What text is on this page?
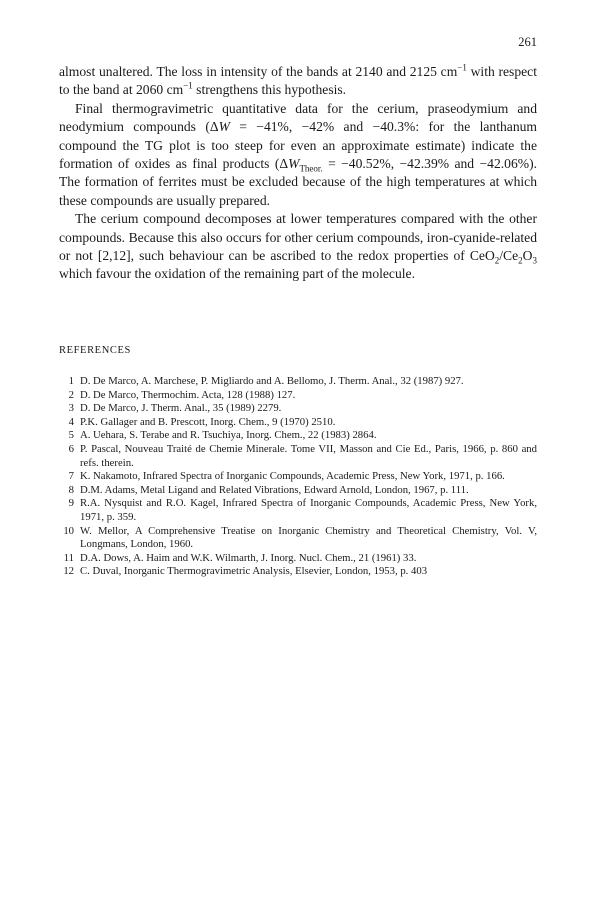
261

almost unaltered. The loss in intensity of the bands at 2140 and 2125 $cm^{-1}$ with respect to the band at 2060 $cm^{-1}$ strengthens this hypothesis.

Final thermogravimetric quantitative data for the cerium, praseodymium and neodymium compounds (ΔW = −41%, −42% and −40.3%: for the lanthanum compound the TG plot is too steep for even an approximate estimate) indicate the formation of oxides as final products ($\Delta W_{Theor.} = -40.52\%$, −42.39% and −42.06%). The formation of ferrites must be excluded because of the high temperatures at which these compounds are usually prepared.

The cerium compound decomposes at lower temperatures compared with the other compounds. Because this also occurs for other cerium compounds, iron-cyanide-related or not [2,12], such behaviour can be ascribed to the redox properties of $CeO_2/Ce_2O_3$ which favour the oxidation of the remaining part of the molecule.

REFERENCES
1 D. De Marco, A. Marchese, P. Migliardo and A. Bellomo, J. Therm. Anal., 32 (1987) 927.
2 D. De Marco, Thermochim. Acta, 128 (1988) 127.
3 D. De Marco, J. Therm. Anal., 35 (1989) 2279.
4 P.K. Gallager and B. Prescott, Inorg. Chem., 9 (1970) 2510.
5 A. Uehara, S. Terabe and R. Tsuchiya, Inorg. Chem., 22 (1983) 2864.
6 P. Pascal, Nouveau Traité de Chemie Minerale. Tome VII, Masson and Cie Ed., Paris, 1966, p. 860 and refs. therein.
7 K. Nakamoto, Infrared Spectra of Inorganic Compounds, Academic Press, New York, 1971, p. 166.
8 D.M. Adams, Metal Ligand and Related Vibrations, Edward Arnold, London, 1967, p. 111.
9 R.A. Nysquist and R.O. Kagel, Infrared Spectra of Inorganic Compounds, Academic Press, New York, 1971, p. 359.
10 W. Mellor, A Comprehensive Treatise on Inorganic Chemistry and Theoretical Chemistry, Vol. V, Longmans, London, 1960.
11 D.A. Dows, A. Haim and W.K. Wilmarth, J. Inorg. Nucl. Chem., 21 (1961) 33.
12 C. Duval, Inorganic Thermogravimetric Analysis, Elsevier, London, 1953, p. 403
